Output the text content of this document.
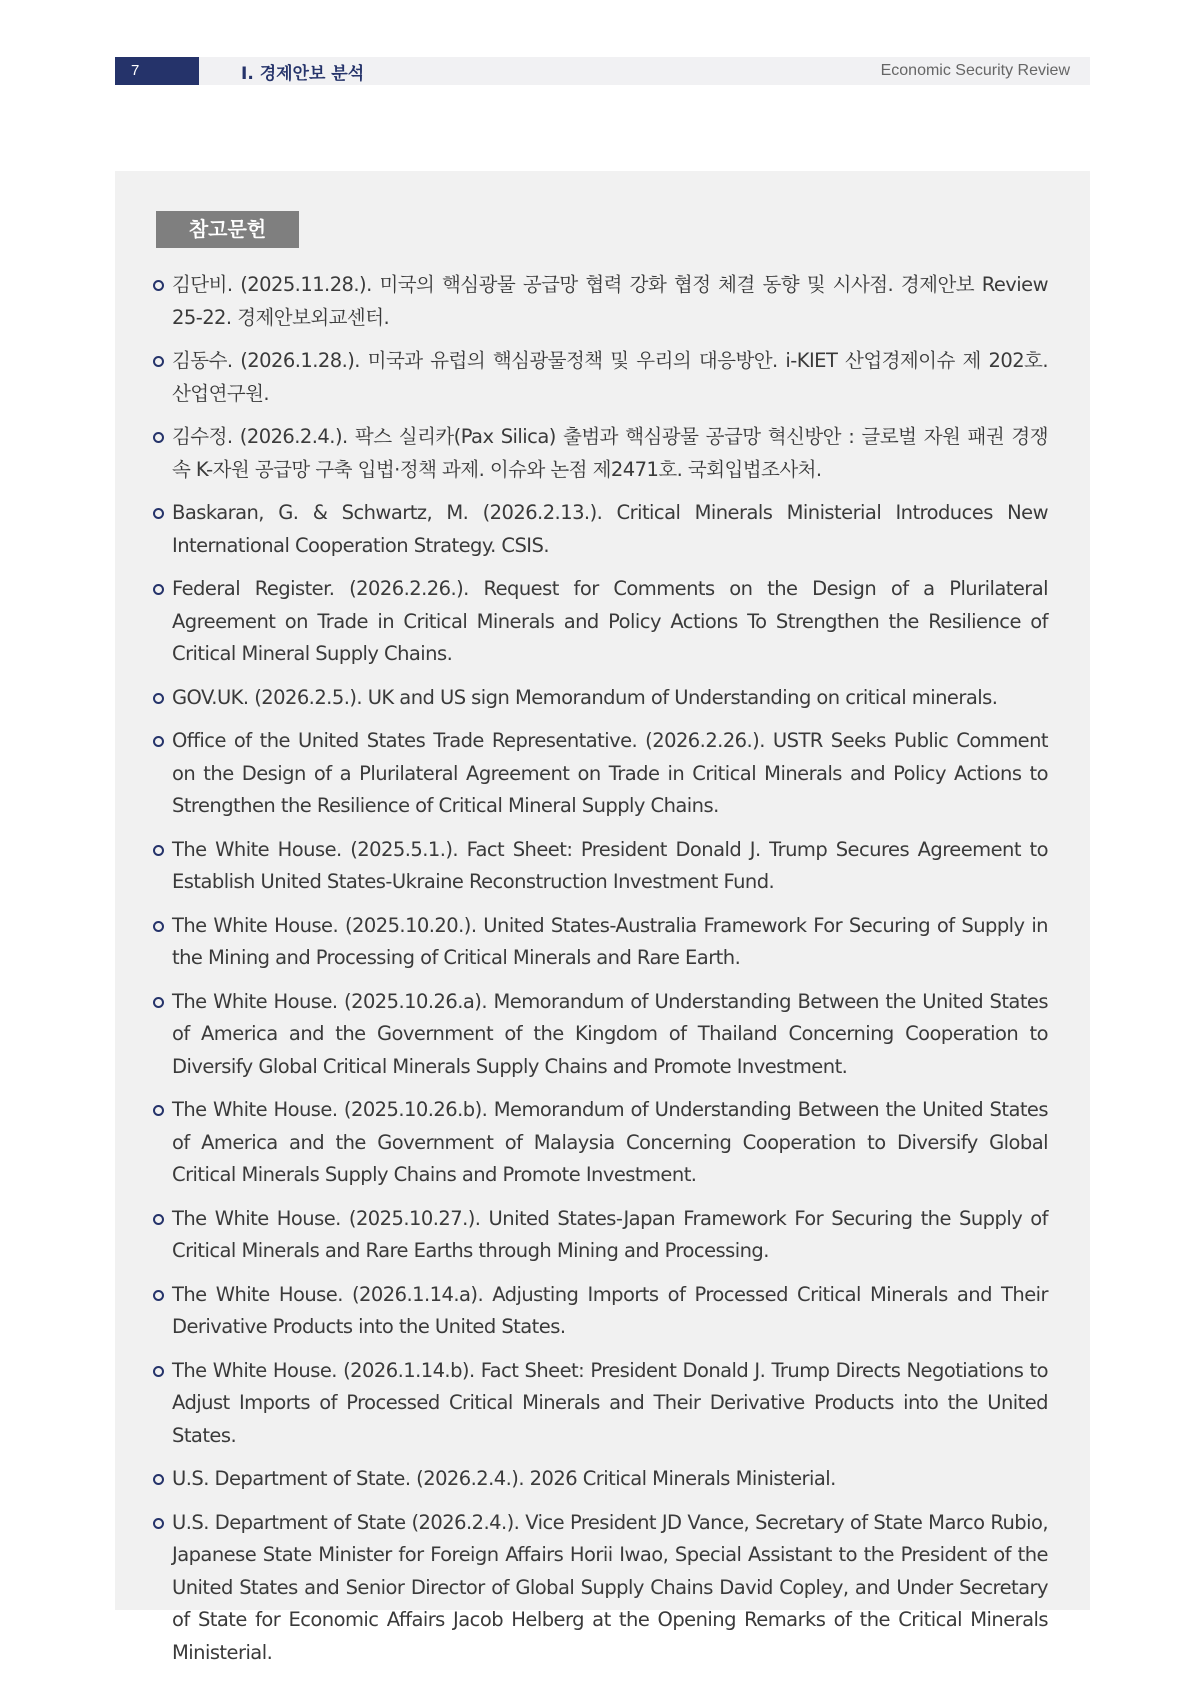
7	Ⅰ. 경제안보 분석	Economic Security Review
참고문헌
김단비. (2025.11.28.). 미국의 핵심광물 공급망 협력 강화 협정 체결 동향 및 시사점. 경제안보 Review 25-22. 경제안보외교센터.
김동수. (2026.1.28.). 미국과 유럽의 핵심광물정책 및 우리의 대응방안. i-KIET 산업경제이슈 제 202호. 산업연구원.
김수정. (2026.2.4.). 팍스 실리카(Pax Silica) 출범과 핵심광물 공급망 혁신방안 : 글로벌 자원 패권 경쟁 속 K-자원 공급망 구축 입법·정책 과제. 이슈와 논점 제2471호. 국회입법조사처.
Baskaran, G. & Schwartz, M. (2026.2.13.). Critical Minerals Ministerial Introduces New International Cooperation Strategy. CSIS.
Federal Register. (2026.2.26.). Request for Comments on the Design of a Plurilateral Agreement on Trade in Critical Minerals and Policy Actions To Strengthen the Resilience of Critical Mineral Supply Chains.
GOV.UK. (2026.2.5.). UK and US sign Memorandum of Understanding on critical minerals.
Office of the United States Trade Representative. (2026.2.26.). USTR Seeks Public Comment on the Design of a Plurilateral Agreement on Trade in Critical Minerals and Policy Actions to Strengthen the Resilience of Critical Mineral Supply Chains.
The White House. (2025.5.1.). Fact Sheet: President Donald J. Trump Secures Agreement to Establish United States-Ukraine Reconstruction Investment Fund.
The White House. (2025.10.20.). United States-Australia Framework For Securing of Supply in the Mining and Processing of Critical Minerals and Rare Earth.
The White House. (2025.10.26.a). Memorandum of Understanding Between the United States of America and the Government of the Kingdom of Thailand Concerning Cooperation to Diversify Global Critical Minerals Supply Chains and Promote Investment.
The White House. (2025.10.26.b). Memorandum of Understanding Between the United States of America and the Government of Malaysia Concerning Cooperation to Diversify Global Critical Minerals Supply Chains and Promote Investment.
The White House. (2025.10.27.). United States-Japan Framework For Securing the Supply of Critical Minerals and Rare Earths through Mining and Processing.
The White House. (2026.1.14.a). Adjusting Imports of Processed Critical Minerals and Their Derivative Products into the United States.
The White House. (2026.1.14.b). Fact Sheet: President Donald J. Trump Directs Negotiations to Adjust Imports of Processed Critical Minerals and Their Derivative Products into the United States.
U.S. Department of State. (2026.2.4.). 2026 Critical Minerals Ministerial.
U.S. Department of State (2026.2.4.). Vice President JD Vance, Secretary of State Marco Rubio, Japanese State Minister for Foreign Affairs Horii Iwao, Special Assistant to the President of the United States and Senior Director of Global Supply Chains David Copley, and Under Secretary of State for Economic Affairs Jacob Helberg at the Opening Remarks of the Critical Minerals Ministerial.
